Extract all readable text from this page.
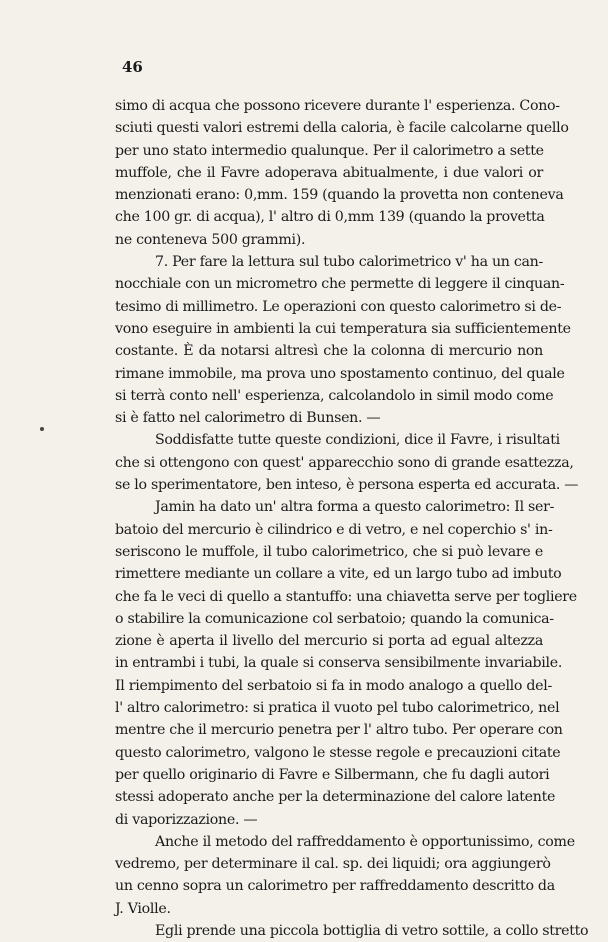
46
simo di acqua che possono ricevere durante l' esperienza. Cono-
sciuti questi valori estremi della caloria, è facile calcolarne quello
per uno stato intermedio qualunque. Per il calorimetro a sette
muffole, che il Favre adoperava abitualmente, i due valori or
menzionati erano: 0,mm. 159 (quando la provetta non conteneva
che 100 gr. di acqua), l' altro di 0,mm 139 (quando la provetta
ne conteneva 500 grammi).
7. Per fare la lettura sul tubo calorimetrico v' ha un can-
nocchiale con un micrometro che permette di leggere il cinquan-
tesimo di millimetro. Le operazioni con questo calorimetro si de-
vono eseguire in ambienti la cui temperatura sia sufficientemente
costante. È da notarsi altresì che la colonna di mercurio non
rimane immobile, ma prova uno spostamento continuo, del quale
si terrà conto nell' esperienza, calcolandolo in simil modo come
si è fatto nel calorimetro di Bunsen. —
Soddisfatte tutte queste condizioni, dice il Favre, i risultati
che si ottengono con quest' apparecchio sono di grande esattezza,
se lo sperimentatore, ben inteso, è persona esperta ed accurata. —
Jamin ha dato un' altra forma a questo calorimetro: Il ser-
batoio del mercurio è cilindrico e di vetro, e nel coperchio s' in-
seriscono le muffole, il tubo calorimetrico, che si può levare e
rimettere mediante un collare a vite, ed un largo tubo ad imbuto
che fa le veci di quello a stantuffo: una chiavetta serve per togliere
o stabilire la comunicazione col serbatoio; quando la comunica-
zione è aperta il livello del mercurio si porta ad egual altezza
in entrambi i tubi, la quale si conserva sensibilmente invariabile.
Il riempimento del serbatoio si fa in modo analogo a quello del-
l' altro calorimetro: si pratica il vuoto pel tubo calorimetrico, nel
mentre che il mercurio penetra per l' altro tubo. Per operare con
questo calorimetro, valgono le stesse regole e precauzioni citate
per quello originario di Favre e Silbermann, che fu dagli autori
stessi adoperato anche per la determinazione del calore latente
di vaporizzazione. —
Anche il metodo del raffreddamento è opportunissimo, come
vedremo, per determinare il cal. sp. dei liquidi; ora aggiungerò
un cenno sopra un calorimetro per raffreddamento descritto da
J. Violle.
Egli prende una piccola bottiglia di vetro sottile, a collo stretto
